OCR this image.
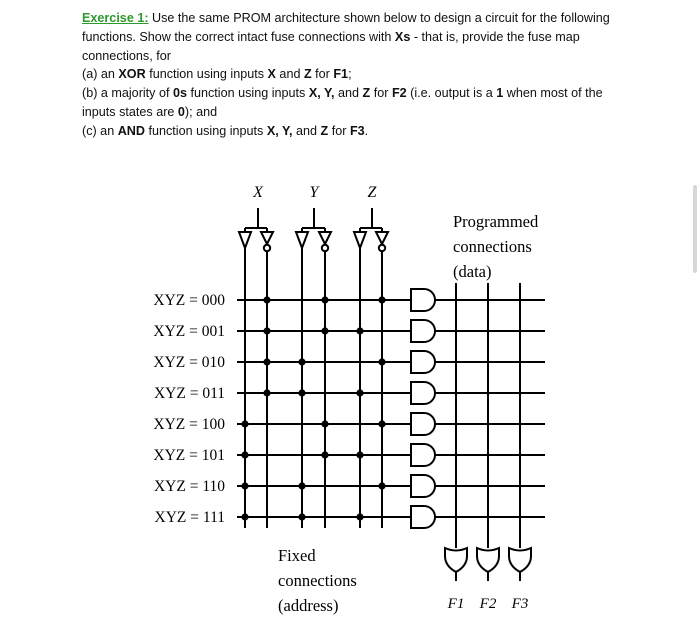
Exercise 1: Use the same PROM architecture shown below to design a circuit for the following functions. Show the correct intact fuse connections with Xs - that is, provide the fuse map connections, for

(a) an XOR function using inputs X and Z for F1;

(b) a majority of 0s function using inputs X, Y, and Z for F2 (i.e. output is a 1 when most of the inputs states are 0); and

(c) an AND function using inputs X, Y, and Z for F3.

X	Y	Z
XYZ = 000
XYZ = 001
XYZ = 010
XYZ = 011
XYZ = 100
XYZ = 101
XYZ = 110
XYZ = 111
F1 F2 F3
Programmed
connections
(data)
Fixed
connections
(address)
